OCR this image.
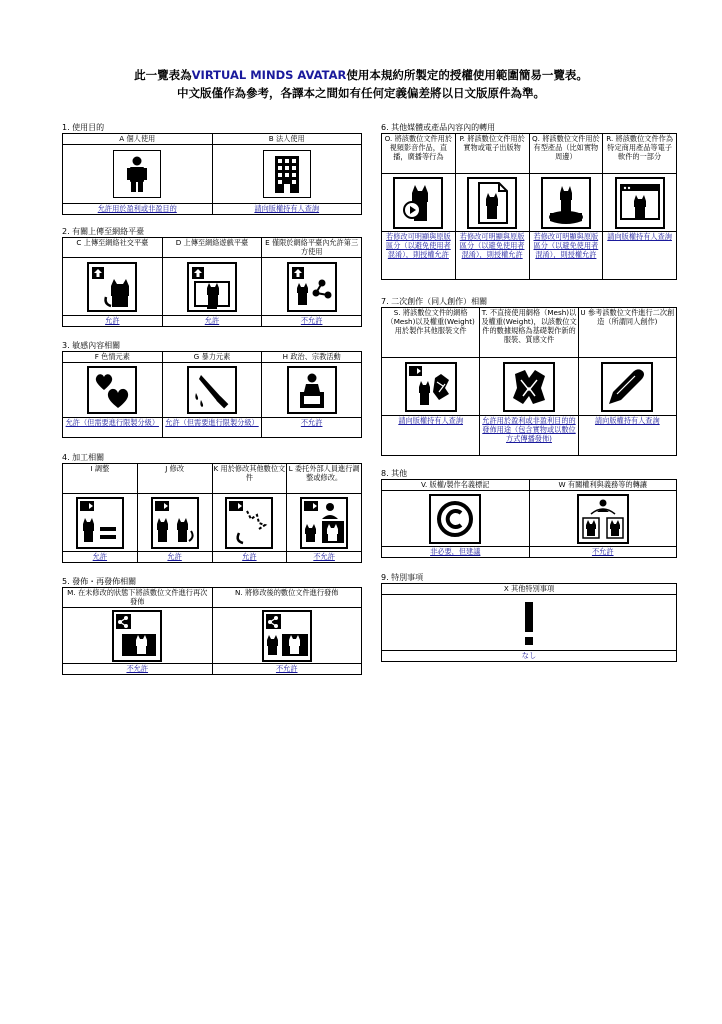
此一覽表為VIRTUAL MINDS AVATAR使用本規約所製定的授權使用範圍簡易一覽表。
中文版僅作為參考，各譯本之間如有任何定義偏差將以日文版原件為準。
1. 使用目的
A 個人使用	B 法人使用

允許用於盈利或非盈目的	請向版權持有人查詢
2. 有關上傳至網絡平臺
C 上傳至網絡社交平臺	D 上傳至網絡遊戲平臺	E 僅限於網絡平臺內允許第三方使用

允許	允許	不允許
3. 敏感內容相關
F 色情元素	G 暴力元素	H 政治、宗教活動

允許（但需要進行限製分級）	允許（但需要進行限製分級）	不允許
4. 加工相關
I 調整	J 修改	K 用於修改其他數位文件	L 委托外部人員進行調整或修改。

允許	允許	允許	不允許
5. 發佈・再發佈相關
M. 在未修改的狀態下將該數位文件進行再次發佈	N. 將修改後的數位文件進行發佈

不允許	不允許
6. 其他媒體或產品內容內的轉用
O. 將該數位文件用於視頻影音作品，直播，廣播等行為	P. 將該數位文件用於實物或電子出版物	Q. 將該數位文件用於有型產品（比如實物周邊）	R. 將該數位文件作為特定商用產品等電子軟件的一部分

若修改可明顯與原版區分（以避免使用者混淆），則授權允許	若修改可明顯與原版區分（以避免使用者混淆），則授權允許	若修改可明顯與原版區分（以避免使用者混淆），則授權允許	請向版權持有人查詢
7. 二次創作（同人創作）相關
S. 將該數位文件的網格（Mesh)以及權重(Weight)用於製作其他服裝文件	T. 不直接使用網格（Mesh)以及權重(Weight)，以該數位文件的數據規格為基礎製作新的服裝、質感文件	U 參考該數位文件進行二次創造（所謂同人創作)

請向版權持有人查詢	允許用於盈利或非盈利目的的發佈用途（包含實物或以數位方式傳播發佈)	請向版權持有人查詢
8. 其他
V. 版權/製作名義標記	W 有關權利與義務等的轉讓

非必要，但建議	不允許
9. 特別事項
X 其他特別事項

なし
